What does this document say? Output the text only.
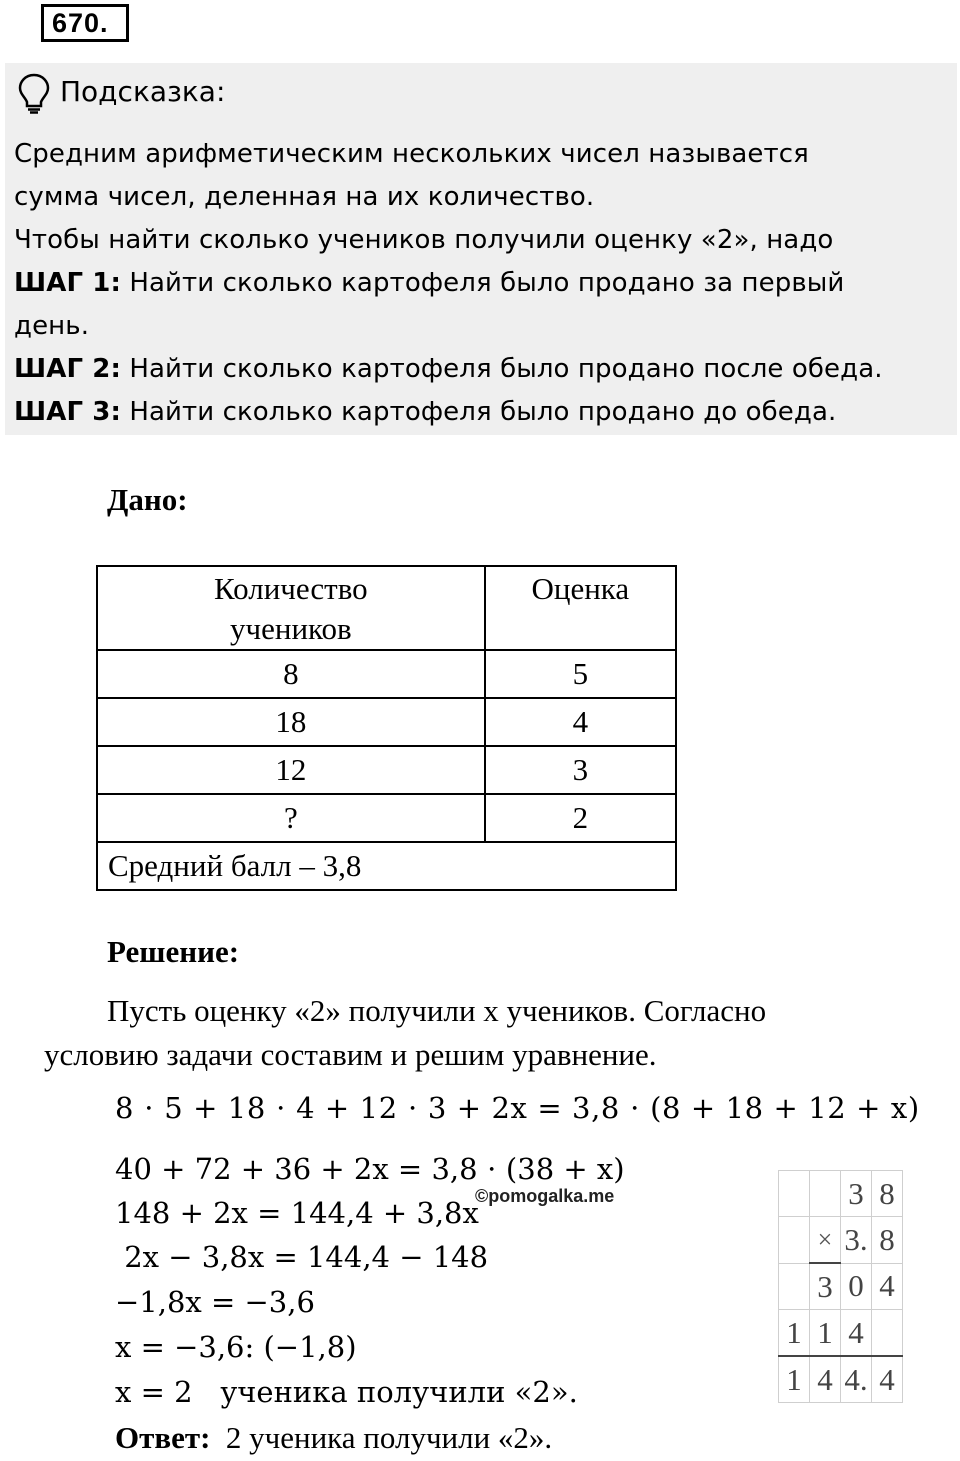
670.
Подсказка:
Средним арифметическим нескольких чисел называется
сумма чисел, деленная на их количество.
Чтобы найти сколько учеников получили оценку «2», надо
ШАГ 1: Найти сколько картофеля было продано за первый
день.
ШАГ 2: Найти сколько картофеля было продано после обеда.
ШАГ 3: Найти сколько картофеля было продано до обеда.
Дано:
Количество учеников	Оценка
8	5
18	4
12	3
?	2
Средний балл – 3,8	
Решение:
Пусть оценку «2» получили х учеников. Согласно
условию задачи составим и решим уравнение.
8 ⋅ 5 + 18 ⋅ 4 + 12 ⋅ 3 + 2x = 3,8 ⋅ (8 + 18 + 12 + x)
40 + 72 + 36 + 2x = 3,8 ⋅ (38 + x)
148 + 2x = 144,4 + 3,8x
2x − 3,8x = 144,4 − 148
−1,8x = −3,6
x = −3,6: (−1,8)
x = 2   ученика получили «2».
Ответ:  2 ученика получили «2».
©pomogalka.me
			3	8
	×	3.	8
	3	0	4
1	1	4	
1	4	4.	4
